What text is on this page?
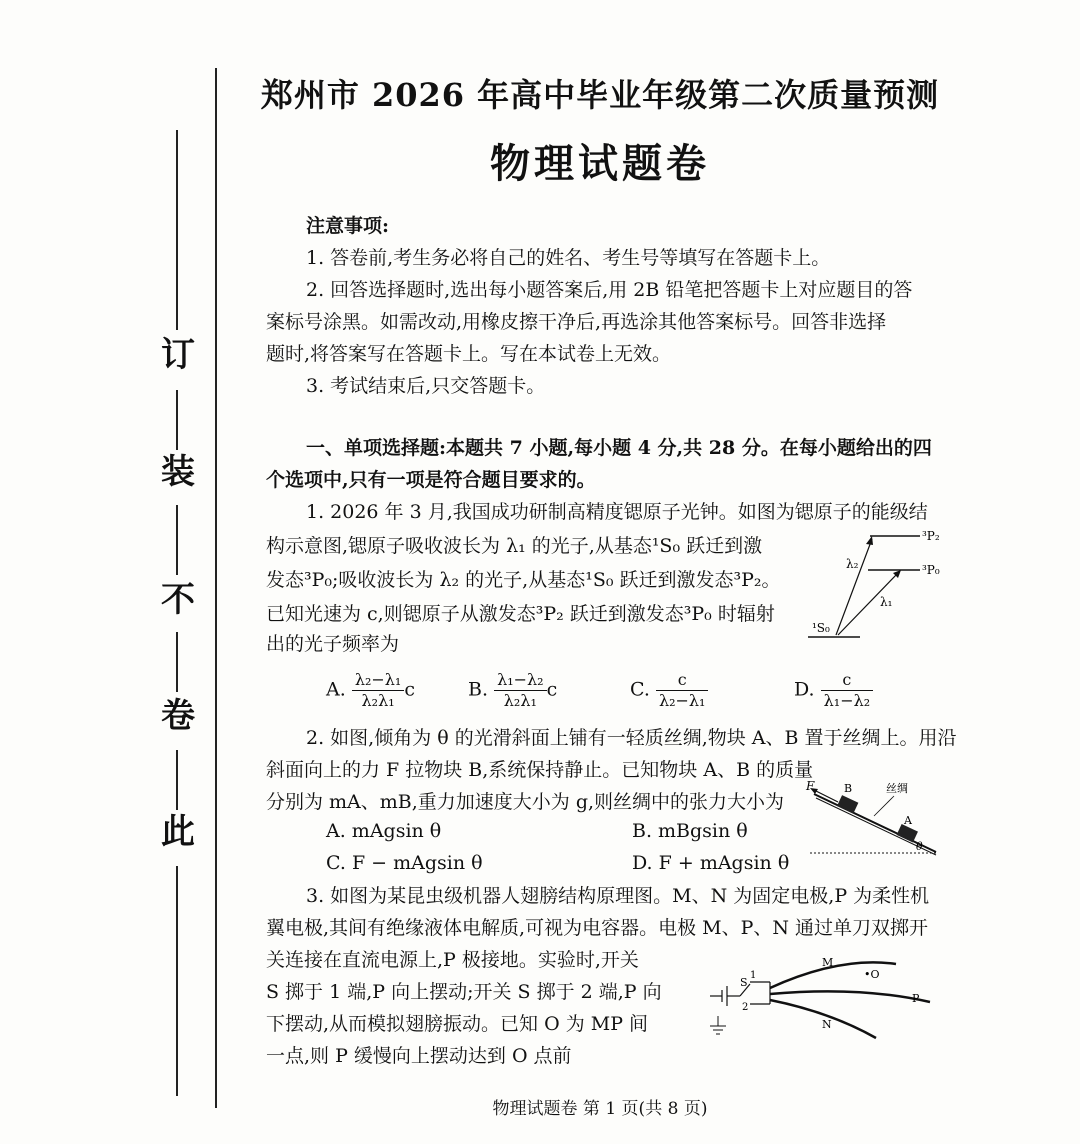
订
装
不
卷
此
郑州市 2026 年高中毕业年级第二次质量预测
物理试题卷
注意事项:
1. 答卷前,考生务必将自己的姓名、考生号等填写在答题卡上。
2. 回答选择题时,选出每小题答案后,用 2B 铅笔把答题卡上对应题目的答
案标号涂黑。如需改动,用橡皮擦干净后,再选涂其他答案标号。回答非选择
题时,将答案写在答题卡上。写在本试卷上无效。
3. 考试结束后,只交答题卡。
一、单项选择题:本题共 7 小题,每小题 4 分,共 28 分。在每小题给出的四
个选项中,只有一项是符合题目要求的。
1. 2026 年 3 月,我国成功研制高精度锶原子光钟。如图为锶原子的能级结
构示意图,锶原子吸收波长为 λ₁ 的光子,从基态¹S₀ 跃迁到激
发态³P₀;吸收波长为 λ₂ 的光子,从基态¹S₀ 跃迁到激发态³P₂。
已知光速为 c,则锶原子从激发态³P₂ 跃迁到激发态³P₀ 时辐射
出的光子频率为
³P₂
³P₀
¹S₀
λ₂
λ₁
A. $\frac{\text{λ₂−λ₁}}{\text{λ₂λ₁}}$ c	B. $\frac{\text{λ₁−λ₂}}{\text{λ₂λ₁}}$ c	C. $\frac{c}{\text{λ₂−λ₁}}$	D. $\frac{c}{\text{λ₁−λ₂}}$
2. 如图,倾角为 θ 的光滑斜面上铺有一轻质丝绸,物块 A、B 置于丝绸上。用沿
斜面向上的力 F 拉物块 B,系统保持静止。已知物块 A、B 的质量
分别为 mA、mB,重力加速度大小为 g,则丝绸中的张力大小为
F	B
A
丝绸
θ
A. mAgsin θ	B. mBgsin θ
C. F − mAgsin θ	D. F + mAgsin θ
3. 如图为某昆虫级机器人翅膀结构原理图。M、N 为固定电极,P 为柔性机
翼电极,其间有绝缘液体电解质,可视为电容器。电极 M、P、N 通过单刀双掷开
关连接在直流电源上,P 极接地。实验时,开关
S 掷于 1 端,P 向上摆动;开关 S 掷于 2 端,P 向
下摆动,从而模拟翅膀振动。已知 O 为 MP 间
一点,则 P 缓慢向上摆动达到 O 点前
S
1
2
M
•O
P
N
物理试题卷 第 1 页(共 8 页)
